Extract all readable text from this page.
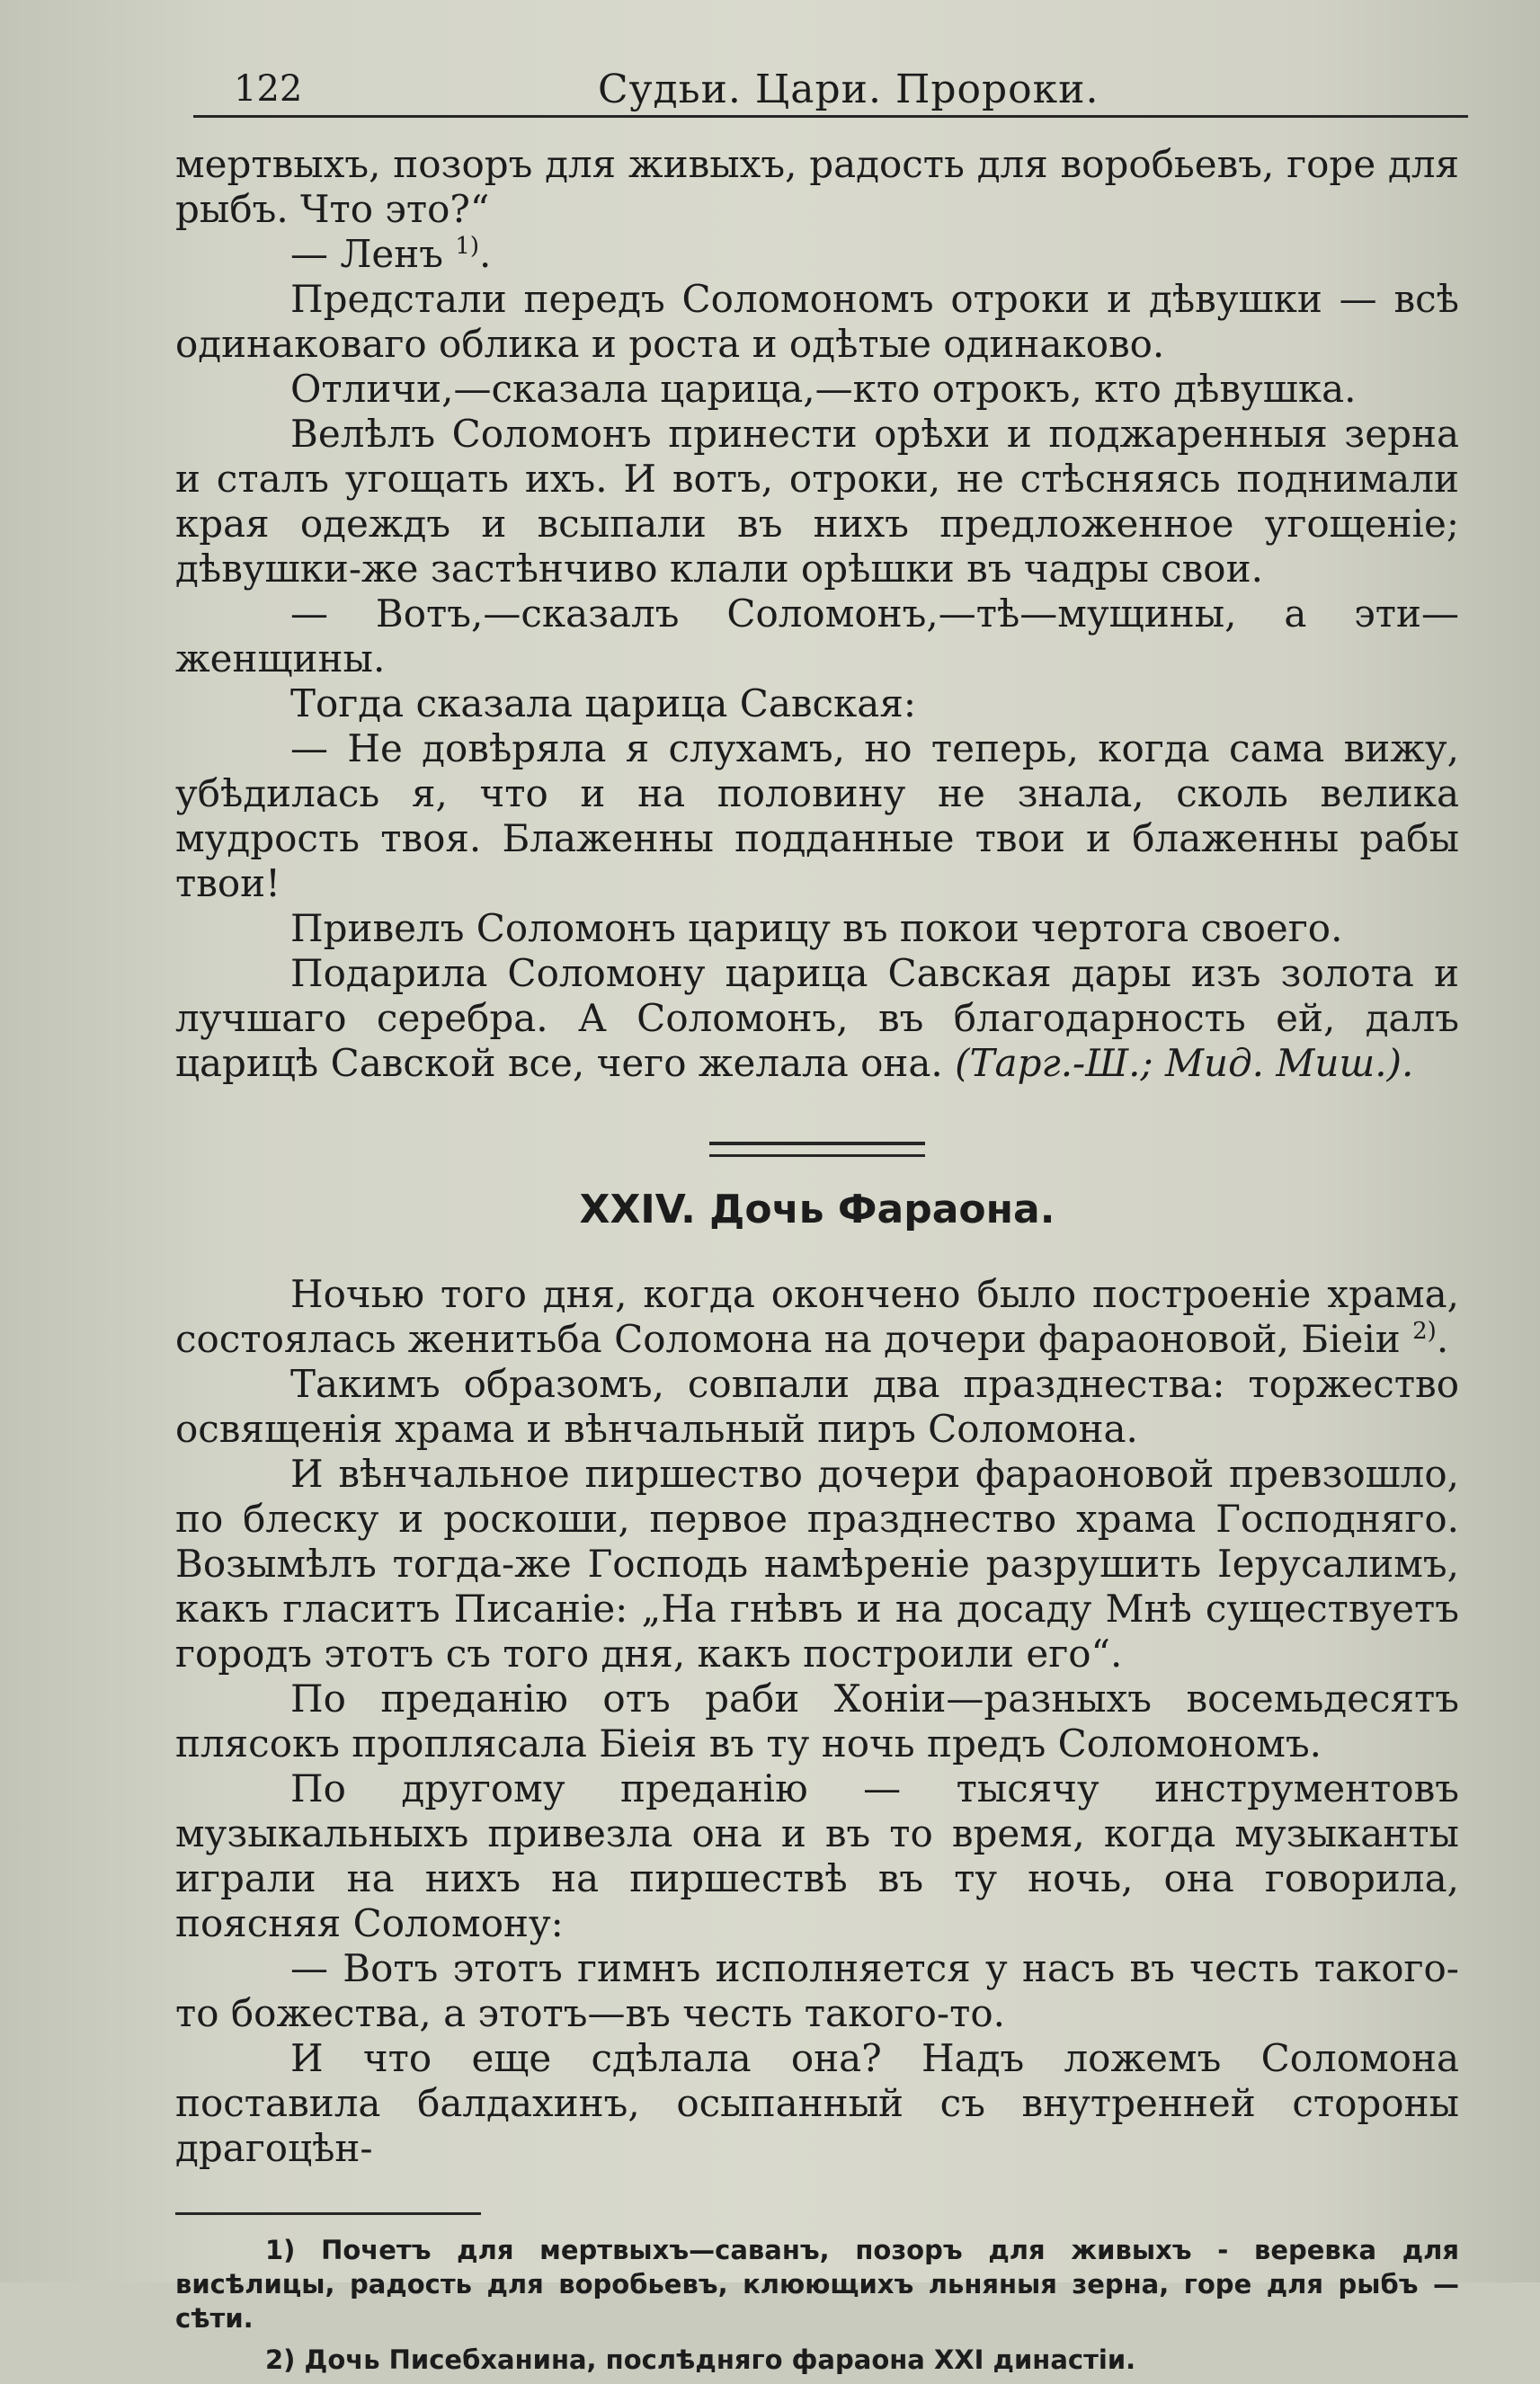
122	Судьи. Цари. Пророки.

мертвыхъ, позоръ для живыхъ, радость для воробьевъ, горе для рыбъ. Что это?“

— Ленъ $^{1)}$.

Предстали передъ Соломономъ отроки и дѣвушки — всѣ одинаковаго облика и роста и одѣтые одинаково.

Отличи,—сказала царица,—кто отрокъ, кто дѣвушка.

Велѣлъ Соломонъ принести орѣхи и поджаренныя зерна и сталъ угощать ихъ. И вотъ, отроки, не стѣсняясь поднимали края одеждъ и всыпали въ нихъ предложенное угощенiе; дѣвушки-же застѣнчиво клали орѣшки въ чадры свои.

— Вотъ,—сказалъ Соломонъ,—тѣ—мущины, а эти—женщины.

Тогда сказала царица Савская:

— Не довѣряла я слухамъ, но теперь, когда сама вижу, убѣдилась я, что и на половину не знала, сколь велика мудрость твоя. Блаженны подданные твои и блаженны рабы твои!

Привелъ Соломонъ царицу въ покои чертога своего.

Подарила Соломону царица Савская дары изъ золота и лучшаго серебра. А Соломонъ, въ благодарность ей, далъ царицѣ Савской все, чего желала она. (Тарг.-Ш.; Мид. Миш.).

XXIV. Дочь Фараона.

Ночью того дня, когда окончено было построенiе храма, состоялась женитьба Соломона на дочери фараоновой, Бiеiи $^{2)}$.

Такимъ образомъ, совпали два празднества: торжество освященiя храма и вѣнчальный пиръ Соломона.

И вѣнчальное пиршество дочери фараоновой превзошло, по блеску и роскоши, первое празднество храма Господняго. Возымѣлъ тогда-же Господь намѣренiе разрушить Iерусалимъ, какъ гласитъ Писанiе: „На гнѣвъ и на досаду Мнѣ существуетъ городъ этотъ съ того дня, какъ построили его“.

По преданiю отъ раби Хонiи—разныхъ восемьдесятъ плясокъ проплясала Бiеiя въ ту ночь предъ Соломономъ.

По другому преданiю — тысячу инструментовъ музыкальныхъ привезла она и въ то время, когда музыканты играли на нихъ на пиршествѣ въ ту ночь, она говорила, поясняя Соломону:

— Вотъ этотъ гимнъ исполняется у насъ въ честь такого-то божества, а этотъ—въ честь такого-то.

И что еще сдѣлала она? Надъ ложемъ Соломона поставила балдахинъ, осыпанный съ внутренней стороны драгоцѣн-

1) Почетъ для мертвыхъ—саванъ, позоръ для живыхъ - веревка для висѣлицы, радость для воробьевъ, клюющихъ льняныя зерна, горе для рыбъ — сѣти.

2) Дочь Писебханина, послѣдняго фараона XXI династiи.
